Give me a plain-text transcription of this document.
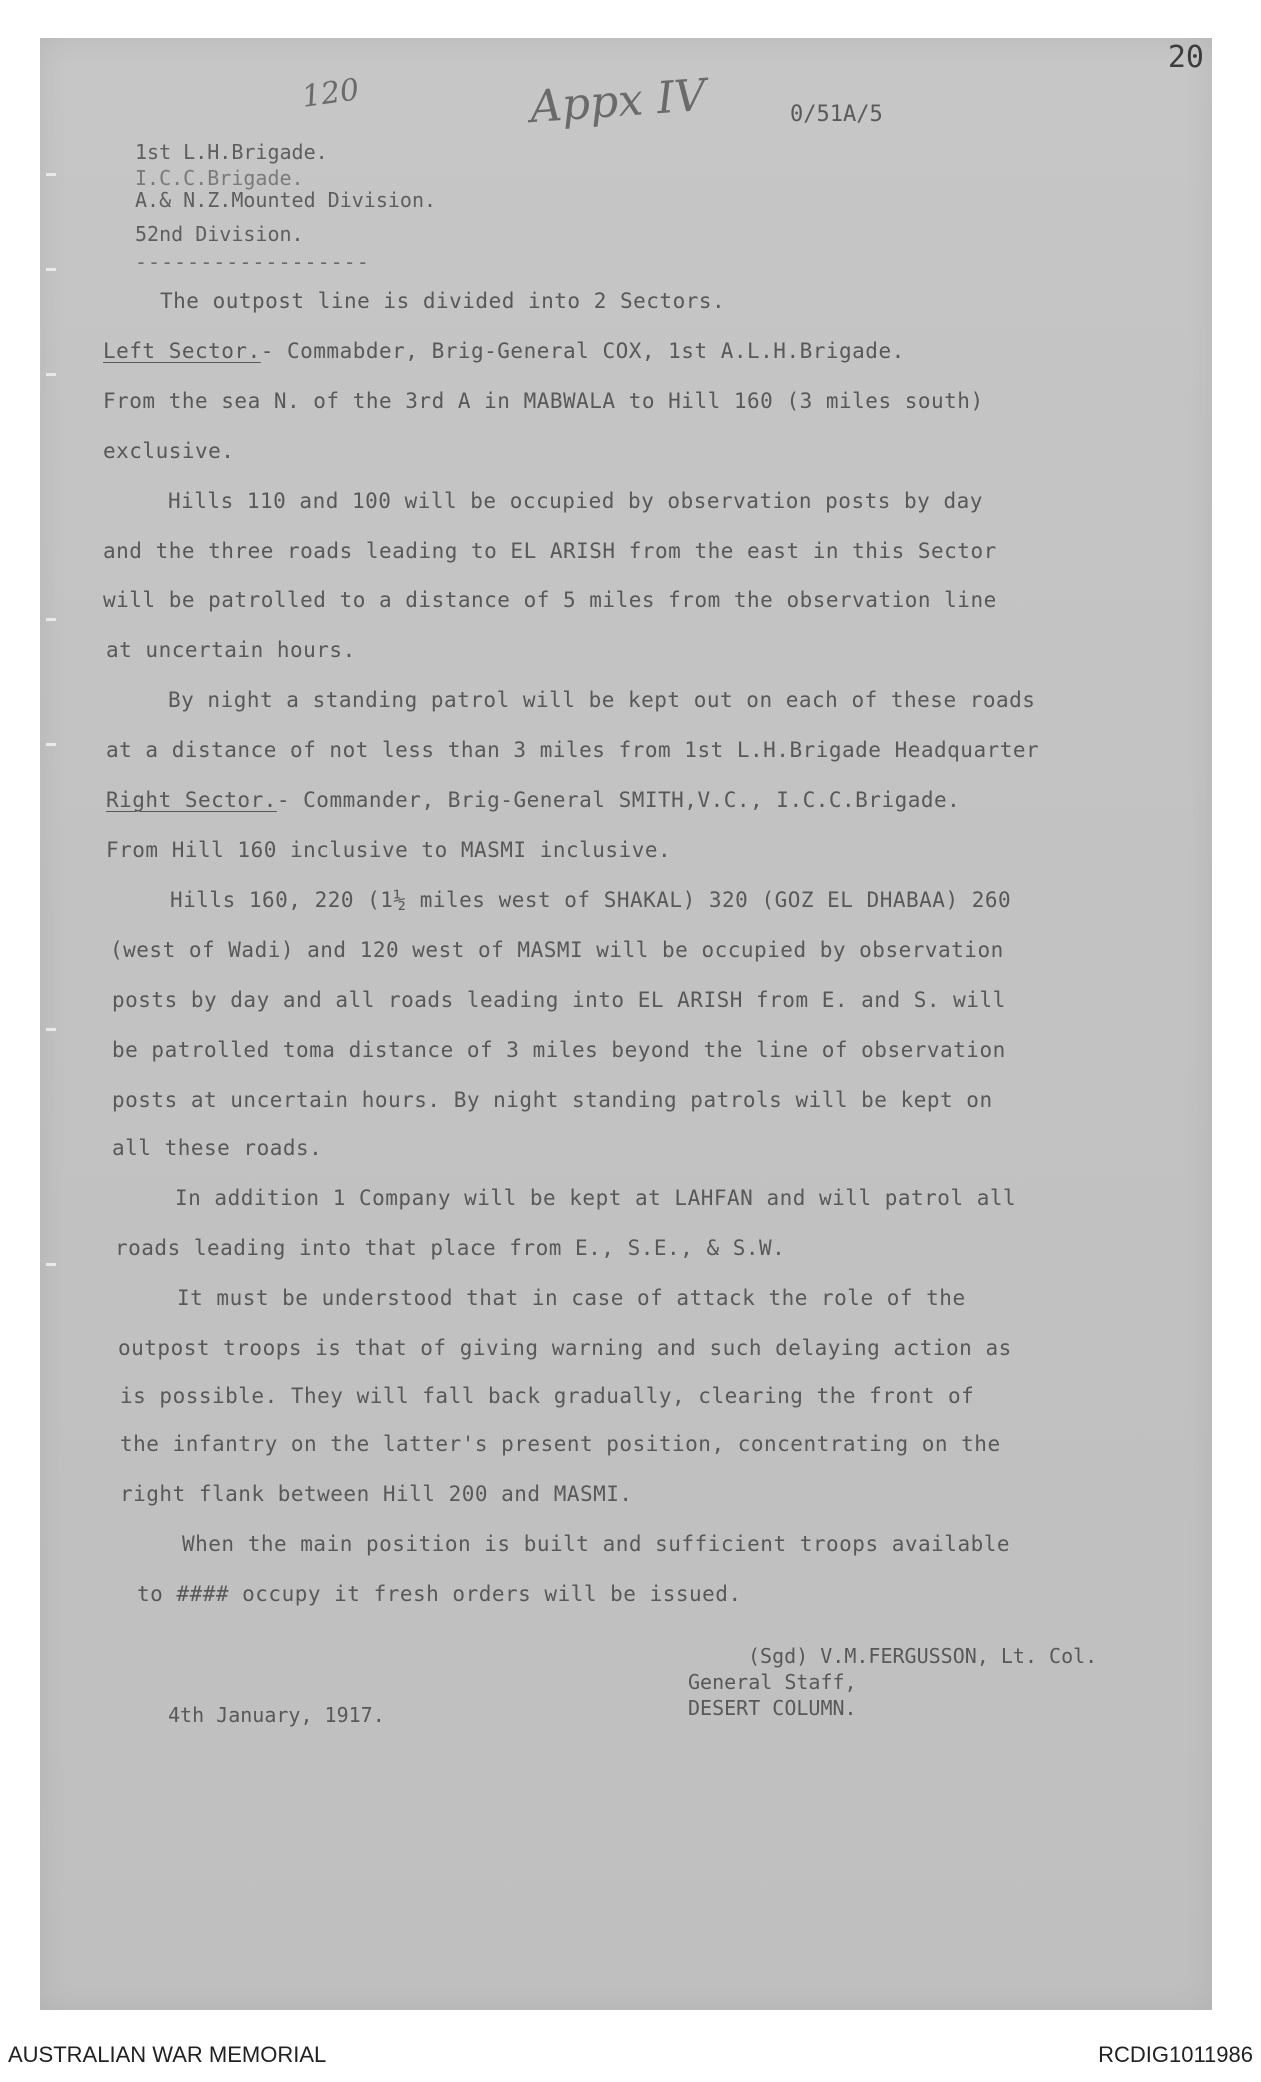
20
120	Appx IV	0/51A/5
1st L.H.Brigade.
I.C.C.Brigade.
A.& N.Z.Mounted Division.
52nd Division.
------------------
The outpost line is divided into 2 Sectors.
Left Sector.- Commabder, Brig-General COX, 1st A.L.H.Brigade.
From the sea N. of the 3rd A in MABWALA to Hill 160 (3 miles south)
exclusive.
Hills 110 and 100 will be occupied by observation posts by day
and the three roads leading to EL ARISH from the east in this Sector
will be patrolled to a distance of 5 miles from the observation line
at uncertain hours.
By night a standing patrol will be kept out on each of these roads
at a distance of not less than 3 miles from 1st L.H.Brigade Headquarter
Right Sector.- Commander, Brig-General SMITH,V.C., I.C.C.Brigade.
From Hill 160 inclusive to MASMI inclusive.
Hills 160, 220 (1½ miles west of SHAKAL) 320 (GOZ EL DHABAA) 260
(west of Wadi) and 120 west of MASMI will be occupied by observation
posts by day and all roads leading into EL ARISH from E. and S. will
be patrolled toma distance of 3 miles beyond the line of observation
posts at uncertain hours. By night standing patrols will be kept on
all these roads.
In addition 1 Company will be kept at LAHFAN and will patrol all
roads leading into that place from E., S.E., & S.W.
It must be understood that in case of attack the role of the
outpost troops is that of giving warning and such delaying action as
is possible. They will fall back gradually, clearing the front of
the infantry on the latter's present position, concentrating on the
right flank between Hill 200 and MASMI.
When the main position is built and sufficient troops available
to #### occupy it fresh orders will be issued.
(Sgd) V.M.FERGUSSON, Lt. Col.
General Staff,
DESERT COLUMN.
4th January, 1917.
AUSTRALIAN WAR MEMORIAL	RCDIG1011986
